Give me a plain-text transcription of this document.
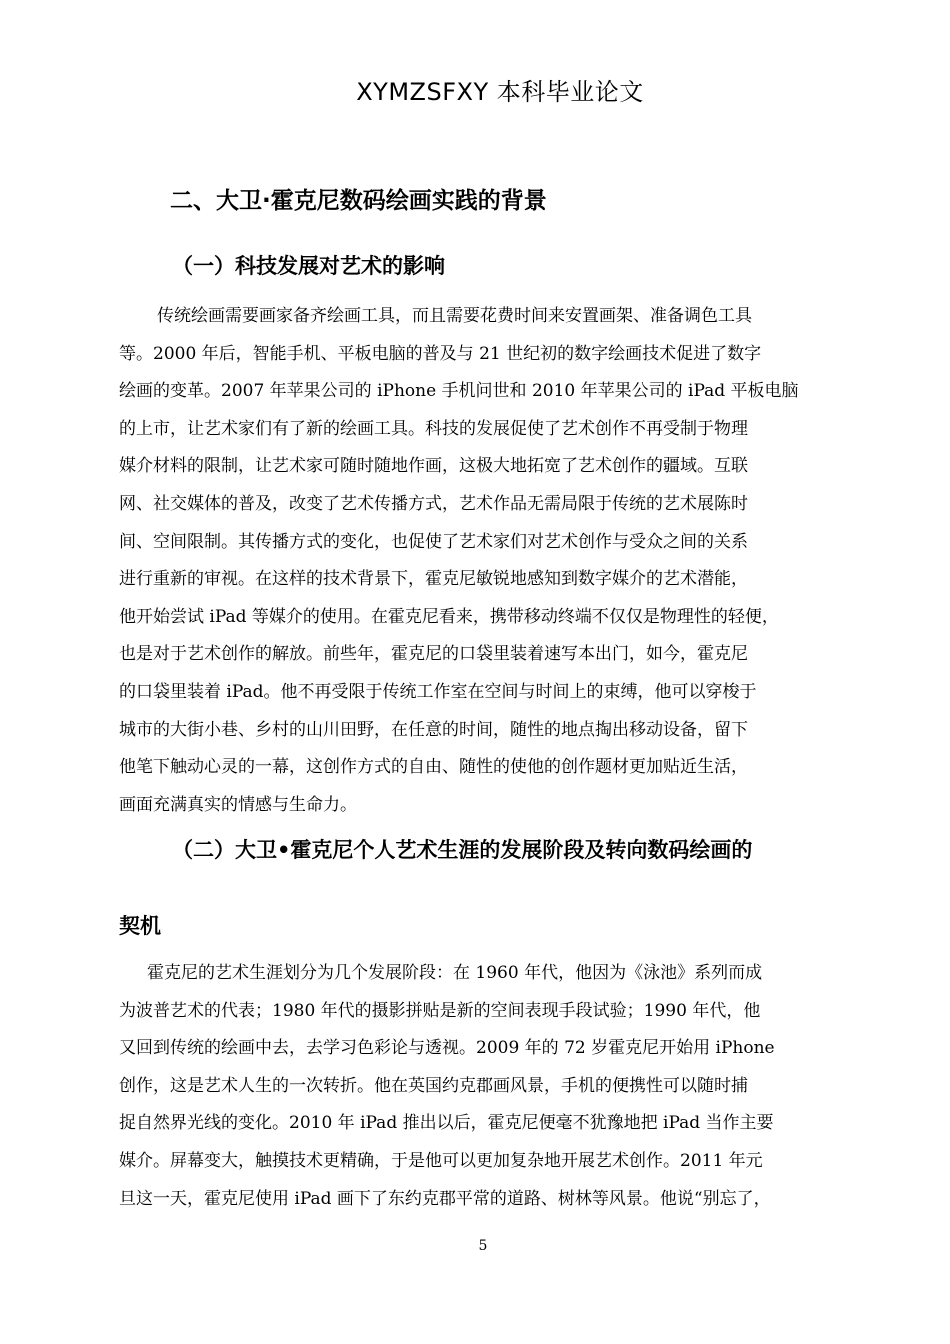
XYMZSFXY 本科毕业论文
二、大卫·霍克尼数码绘画实践的背景
（一）科技发展对艺术的影响
传统绘画需要画家备齐绘画工具，而且需要花费时间来安置画架、准备调色工具
等。2000 年后，智能手机、平板电脑的普及与 21 世纪初的数字绘画技术促进了数字
绘画的变革。2007 年苹果公司的 iPhone 手机问世和 2010 年苹果公司的 iPad 平板电脑
的上市，让艺术家们有了新的绘画工具。科技的发展促使了艺术创作不再受制于物理
媒介材料的限制，让艺术家可随时随地作画，这极大地拓宽了艺术创作的疆域。互联
网、社交媒体的普及，改变了艺术传播方式，艺术作品无需局限于传统的艺术展陈时
间、空间限制。其传播方式的变化，也促使了艺术家们对艺术创作与受众之间的关系
进行重新的审视。在这样的技术背景下，霍克尼敏锐地感知到数字媒介的艺术潜能，
他开始尝试 iPad 等媒介的使用。在霍克尼看来，携带移动终端不仅仅是物理性的轻便，
也是对于艺术创作的解放。前些年，霍克尼的口袋里装着速写本出门，如今，霍克尼
的口袋里装着 iPad。他不再受限于传统工作室在空间与时间上的束缚，他可以穿梭于
城市的大街小巷、乡村的山川田野，在任意的时间，随性的地点掏出移动设备，留下
他笔下触动心灵的一幕，这创作方式的自由、随性的使他的创作题材更加贴近生活，
画面充满真实的情感与生命力。
（二）大卫•霍克尼个人艺术生涯的发展阶段及转向数码绘画的
契机
霍克尼的艺术生涯划分为几个发展阶段：在 1960 年代，他因为《泳池》系列而成
为波普艺术的代表；1980 年代的摄影拼贴是新的空间表现手段试验；1990 年代，他
又回到传统的绘画中去，去学习色彩论与透视。2009 年的 72 岁霍克尼开始用 iPhone
创作，这是艺术人生的一次转折。他在英国约克郡画风景，手机的便携性可以随时捕
捉自然界光线的变化。2010 年 iPad 推出以后，霍克尼便毫不犹豫地把 iPad 当作主要
媒介。屏幕变大，触摸技术更精确，于是他可以更加复杂地开展艺术创作。2011 年元
旦这一天，霍克尼使用 iPad 画下了东约克郡平常的道路、树林等风景。他说“别忘了，
5
